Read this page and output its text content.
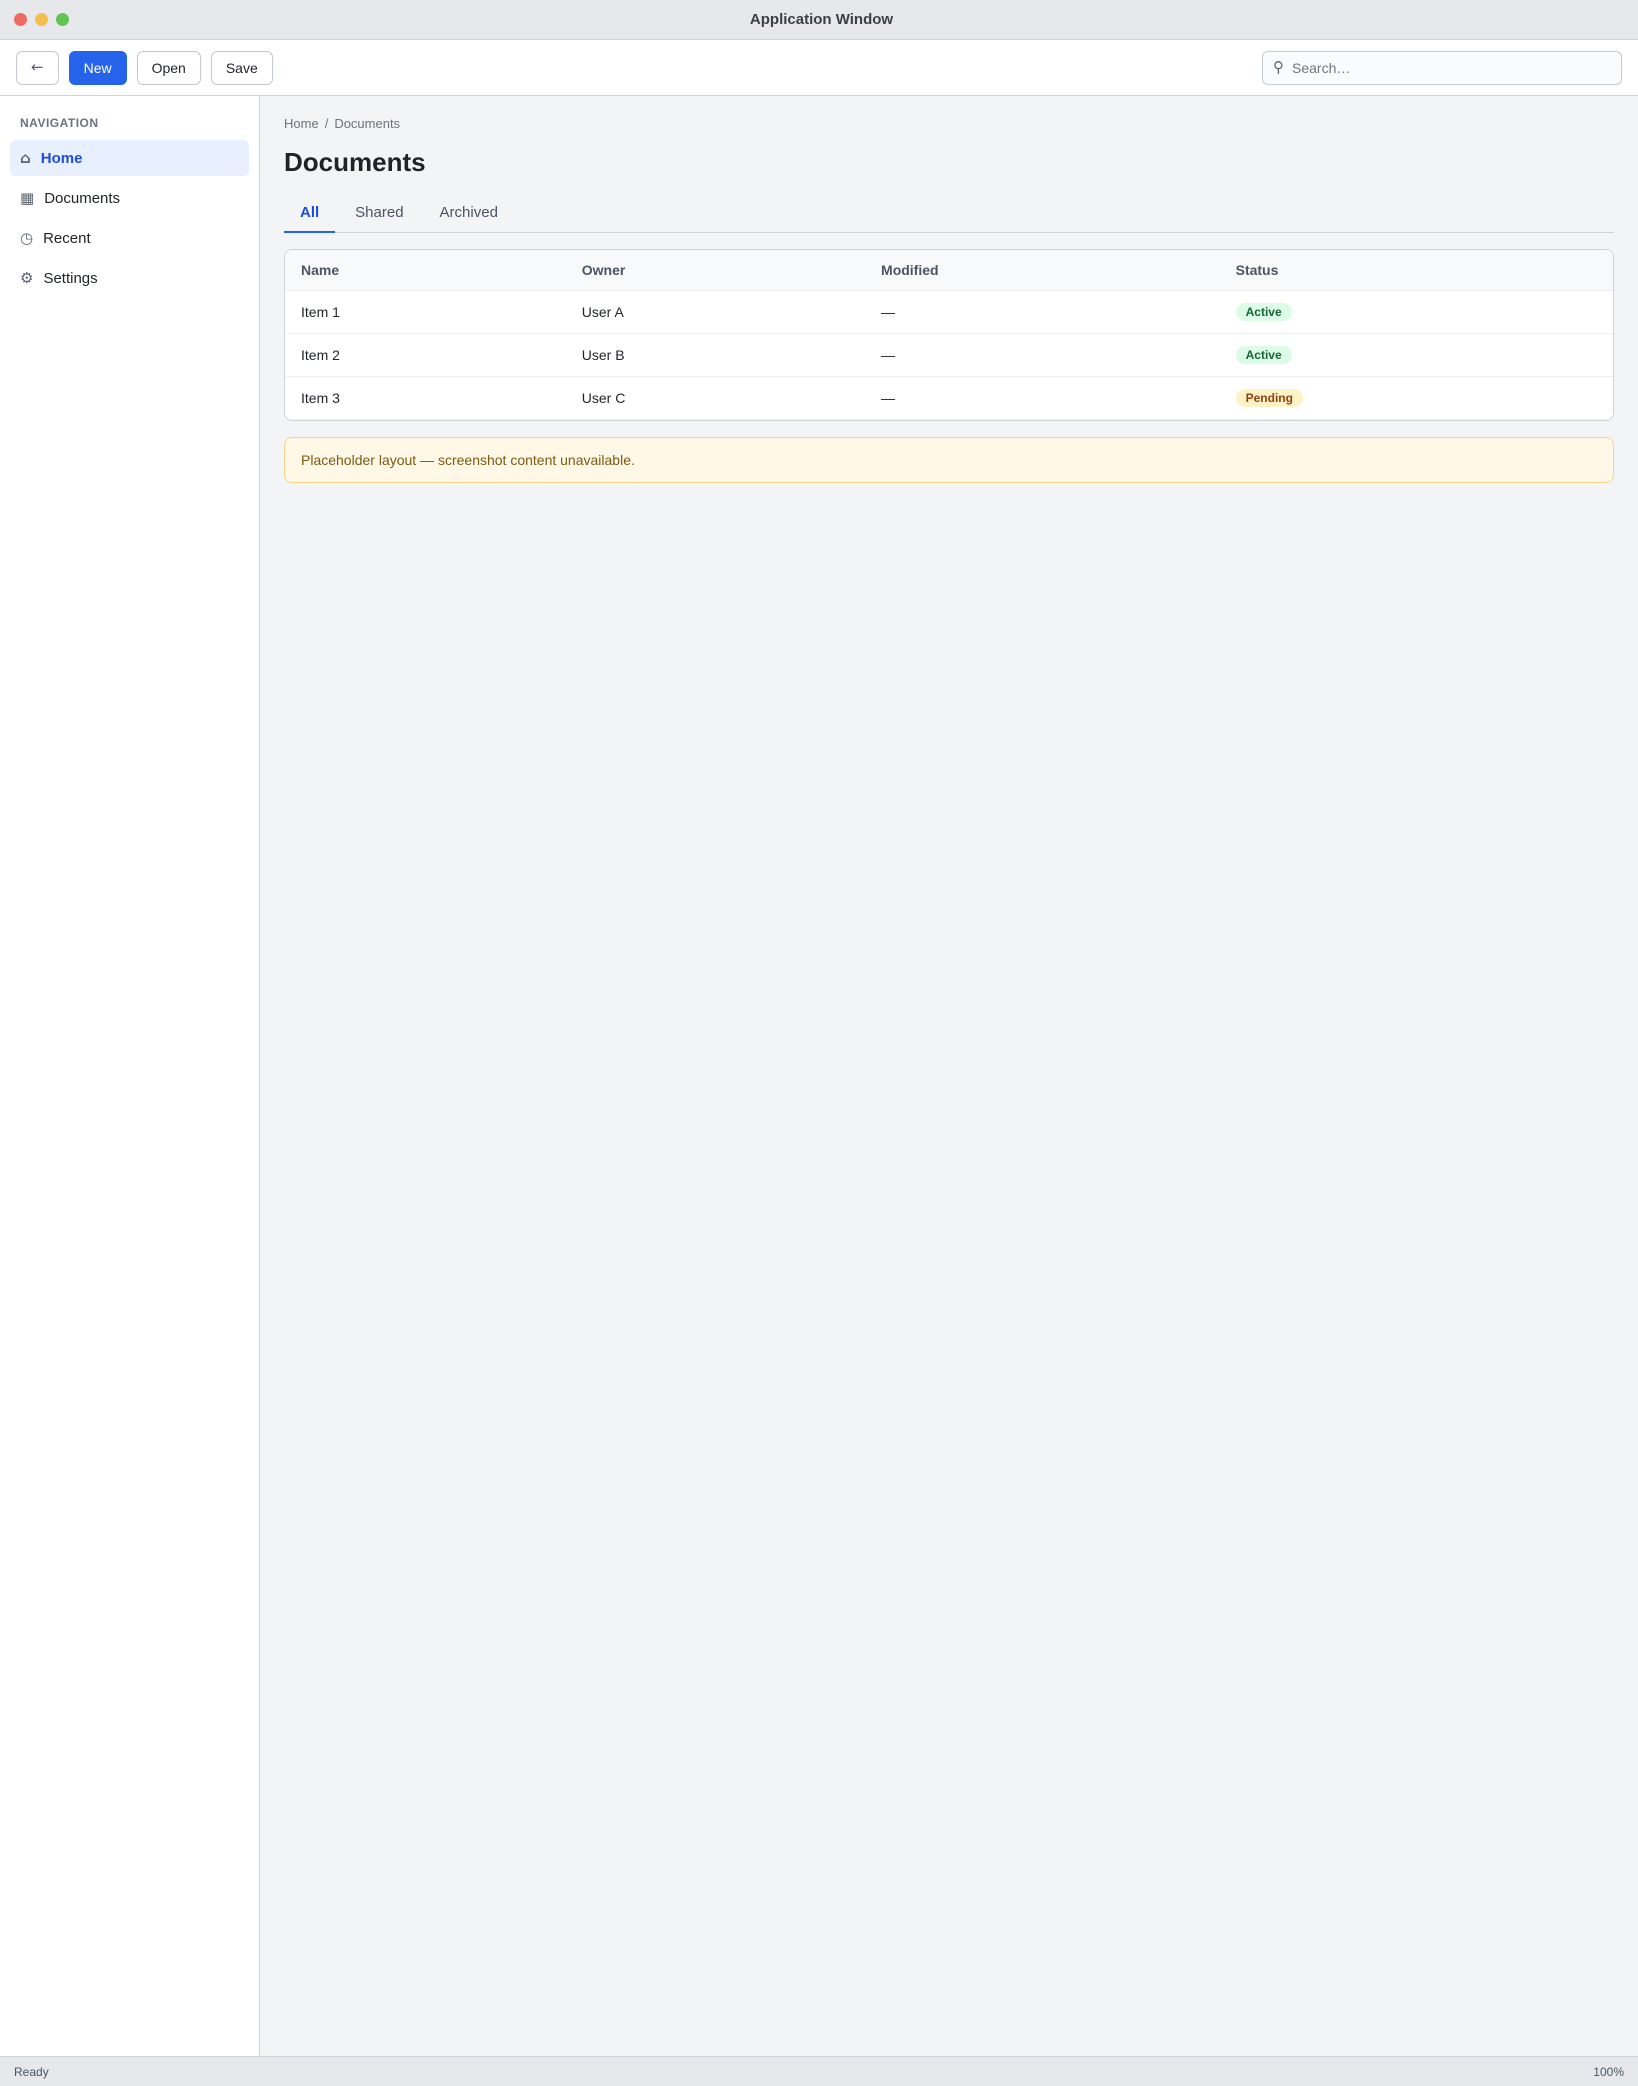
Application Window
←	New	Open	Save	⚲
Search…
NAVIGATION
⌂ Home
▦ Documents
◷ Recent
⚙ Settings
Home / Documents
Documents
All	Shared	Archived
Name	Owner	Modified	Status
Item 1	User A	—	Active
Item 2	User B	—	Active
Item 3	User C	—	Pending
Placeholder layout — screenshot content unavailable.
Ready	100%
